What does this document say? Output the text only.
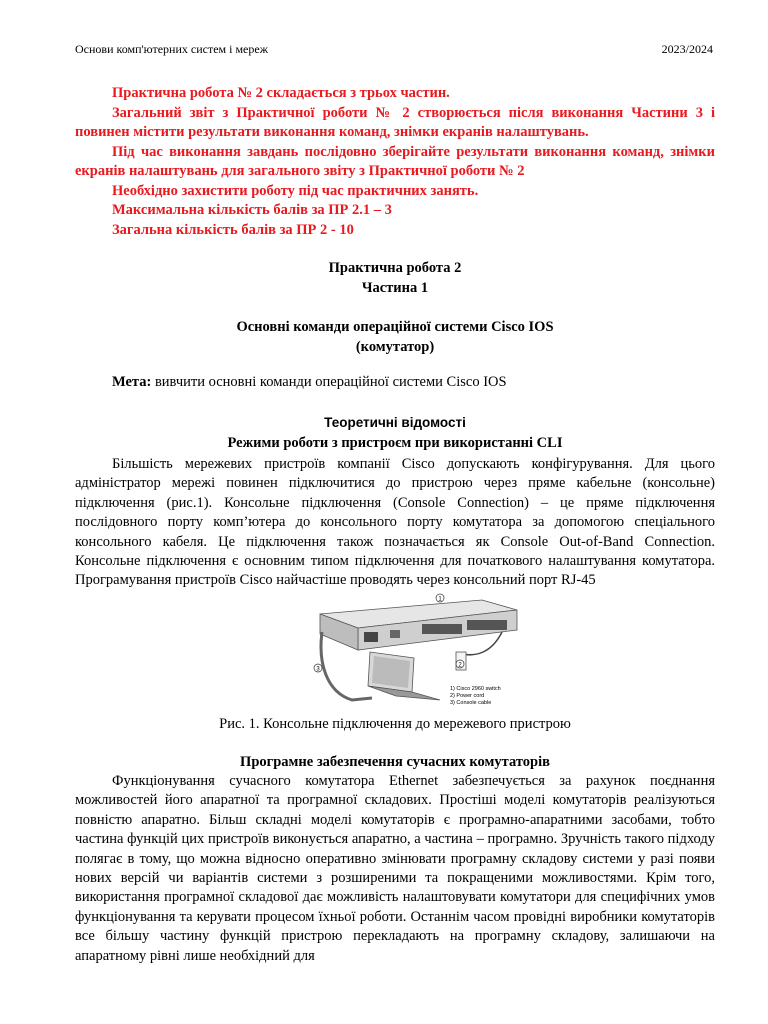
Основи комп'ютерних систем і мереж	2023/2024

Практична робота № 2 складається з трьох частин.

Загальний звіт з Практичної роботи № 2 створюється після виконання Частини 3 і повинен містити результати виконання команд, знімки екранів налаштувань.

Під час виконання завдань послідовно зберігайте результати виконання команд, знімки екранів налаштувань для загального звіту з Практичної роботи № 2

Необхідно захистити роботу під час практичних занять.

Максимальна кількість балів за ПР 2.1 – 3

Загальна кількість балів за ПР 2 - 10

Практична робота 2

Частина 1

Основні команди операційної системи Cisco IOS

(комутатор)

Мета: вивчити основні команди операційної системи Cisco IOS

Теоретичні відомості

Режими роботи з пристроєм при використанні CLI

Більшість мережевих пристроїв компанії Cisco допускають конфігурування. Для цього адміністратор мережі повинен підключитися до пристрою через пряме кабельне (консольне) підключення (рис.1). Консольне підключення (Console Connection) – це пряме підключення послідовного порту комп’ютера до консольного порту комутатора за допомогою спеціального консольного кабеля. Це підключення також позначається як Console Out-of-Band Connection. Консольне підключення є основним типом підключення для початкового налаштування комутатора. Програмування пристроїв Cisco найчастіше проводять через консольний порт RJ-45

1
2
3
1) Cisco 2960 switch
2) Power cord
3) Console cable

Рис. 1. Консольне підключення до мережевого пристрою

Програмне забезпечення сучасних комутаторів

Функціонування сучасного комутатора Ethernet забезпечується за рахунок поєднання можливостей його апаратної та програмної складових. Простіші моделі комутаторів реалізуються повністю апаратно. Більш складні моделі комутаторів є програмно-апаратними засобами, тобто частина функцій цих пристроїв виконується апаратно, а частина – програмно. Зручність такого підходу полягає в тому, що можна відносно оперативно змінювати програмну складову системи у разі появи нових версій чи варіантів системи з розширеними та покращеними можливостями. Крім того, використання програмної складової дає можливість налаштовувати комутатори для специфічних умов функціонування та керувати процесом їхньої роботи. Останнім часом провідні виробники комутаторів все більшу частину функцій пристрою перекладають на програмну складову, залишаючи на апаратному рівні лише необхідний для
